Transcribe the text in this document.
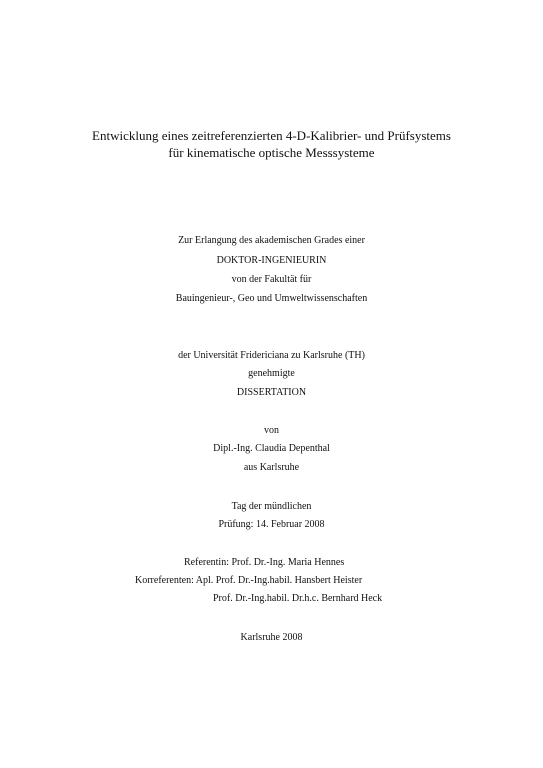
Entwicklung eines zeitreferenzierten 4-D-Kalibrier- und Prüfsystems
für kinematische optische Messsysteme
Zur Erlangung des akademischen Grades einer
DOKTOR-INGENIEURIN
von der Fakultät für
Bauingenieur-, Geo und Umweltwissenschaften
der Universität Fridericiana zu Karlsruhe (TH)
genehmigte
DISSERTATION
von
Dipl.-Ing. Claudia Depenthal
aus Karlsruhe
Tag der mündlichen
Prüfung: 14. Februar 2008
Referentin: Prof. Dr.-Ing. Maria Hennes
Korreferenten: Apl. Prof. Dr.-Ing.habil. Hansbert Heister
Prof. Dr.-Ing.habil. Dr.h.c. Bernhard Heck
Karlsruhe 2008
